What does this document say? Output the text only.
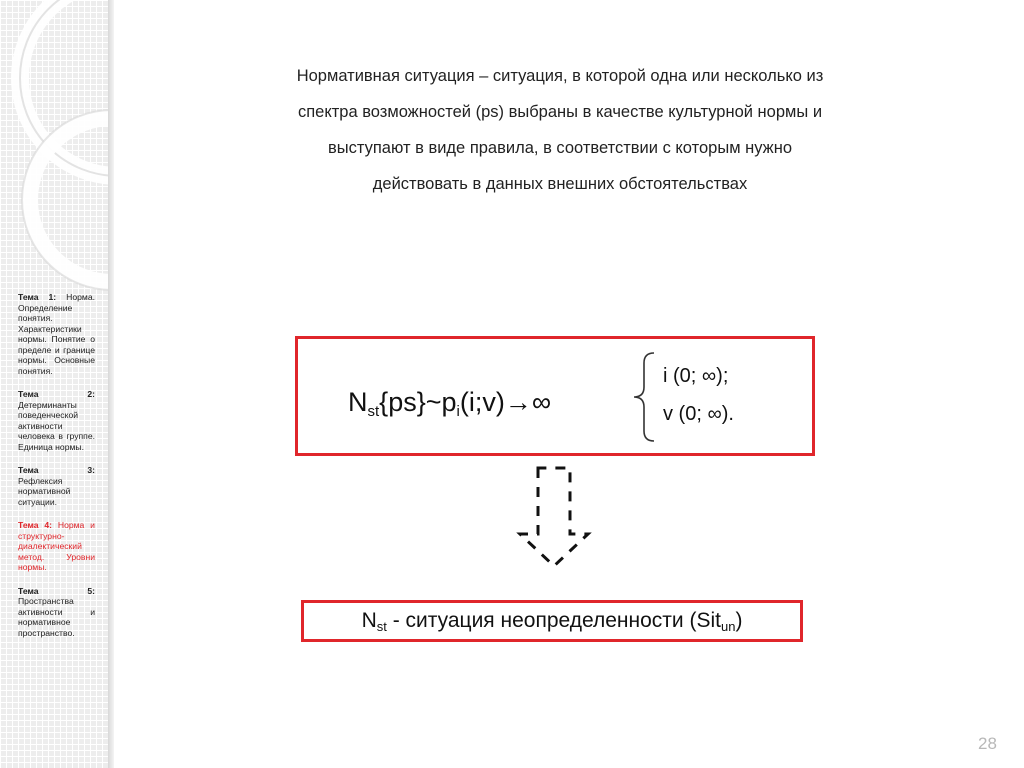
Тема 1: Норма. Определение понятия. Характеристики нормы. Понятие о пределе и границе нормы. Основные понятия.
Тема 2: Детерминанты поведенческой активности человека в группе. Единица нормы.
Тема 3: Рефлексия нормативной ситуации.
Тема 4: Норма и структурно-диалектический метод. Уровни нормы.
Тема 5: Пространства активности и нормативное пространство.
Нормативная ситуация – ситуация, в которой одна или несколько из
спектра возможностей (ps) выбраны в качестве культурной нормы и
выступают в виде правила, в соответствии с которым нужно
действовать в данных внешних обстоятельствах
$N_{st}\{ps\}\sim p_i(i;v)\to\infty$
i (0; ∞);
v (0; ∞).
$N_{st}$ - ситуация неопределенности (Sit$_{un}$)
28
